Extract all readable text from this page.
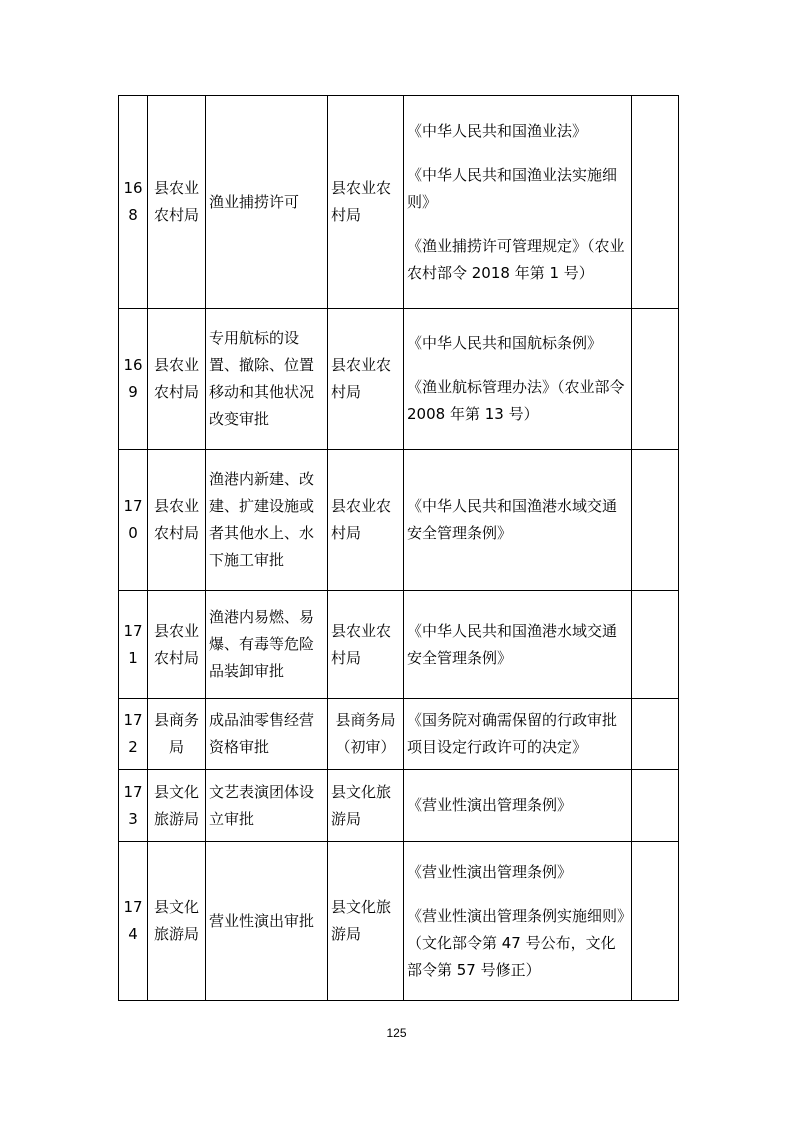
168	县农业农村局	渔业捕捞许可	县农业农村局	《中华人民共和国渔业法》

《中华人民共和国渔业法实施细则》

《渔业捕捞许可管理规定》（农业农村部令 2018 年第 1 号）	

169	县农业农村局	专用航标的设置、撤除、位置移动和其他状况改变审批	县农业农村局	《中华人民共和国航标条例》

《渔业航标管理办法》（农业部令 2008 年第 13 号）	

170	县农业农村局	渔港内新建、改建、扩建设施或者其他水上、水下施工审批	县农业农村局	《中华人民共和国渔港水域交通安全管理条例》	

171	县农业农村局	渔港内易燃、易爆、有毒等危险品装卸审批	县农业农村局	《中华人民共和国渔港水域交通安全管理条例》	

172	县商务局	成品油零售经营资格审批	县商务局（初审）	《国务院对确需保留的行政审批项目设定行政许可的决定》	

173	县文化旅游局	文艺表演团体设立审批	县文化旅游局	《营业性演出管理条例》	

174	县文化旅游局	营业性演出审批	县文化旅游局	《营业性演出管理条例》

《营业性演出管理条例实施细则》（文化部令第 47 号公布，文化部令第 57 号修正）	

125
